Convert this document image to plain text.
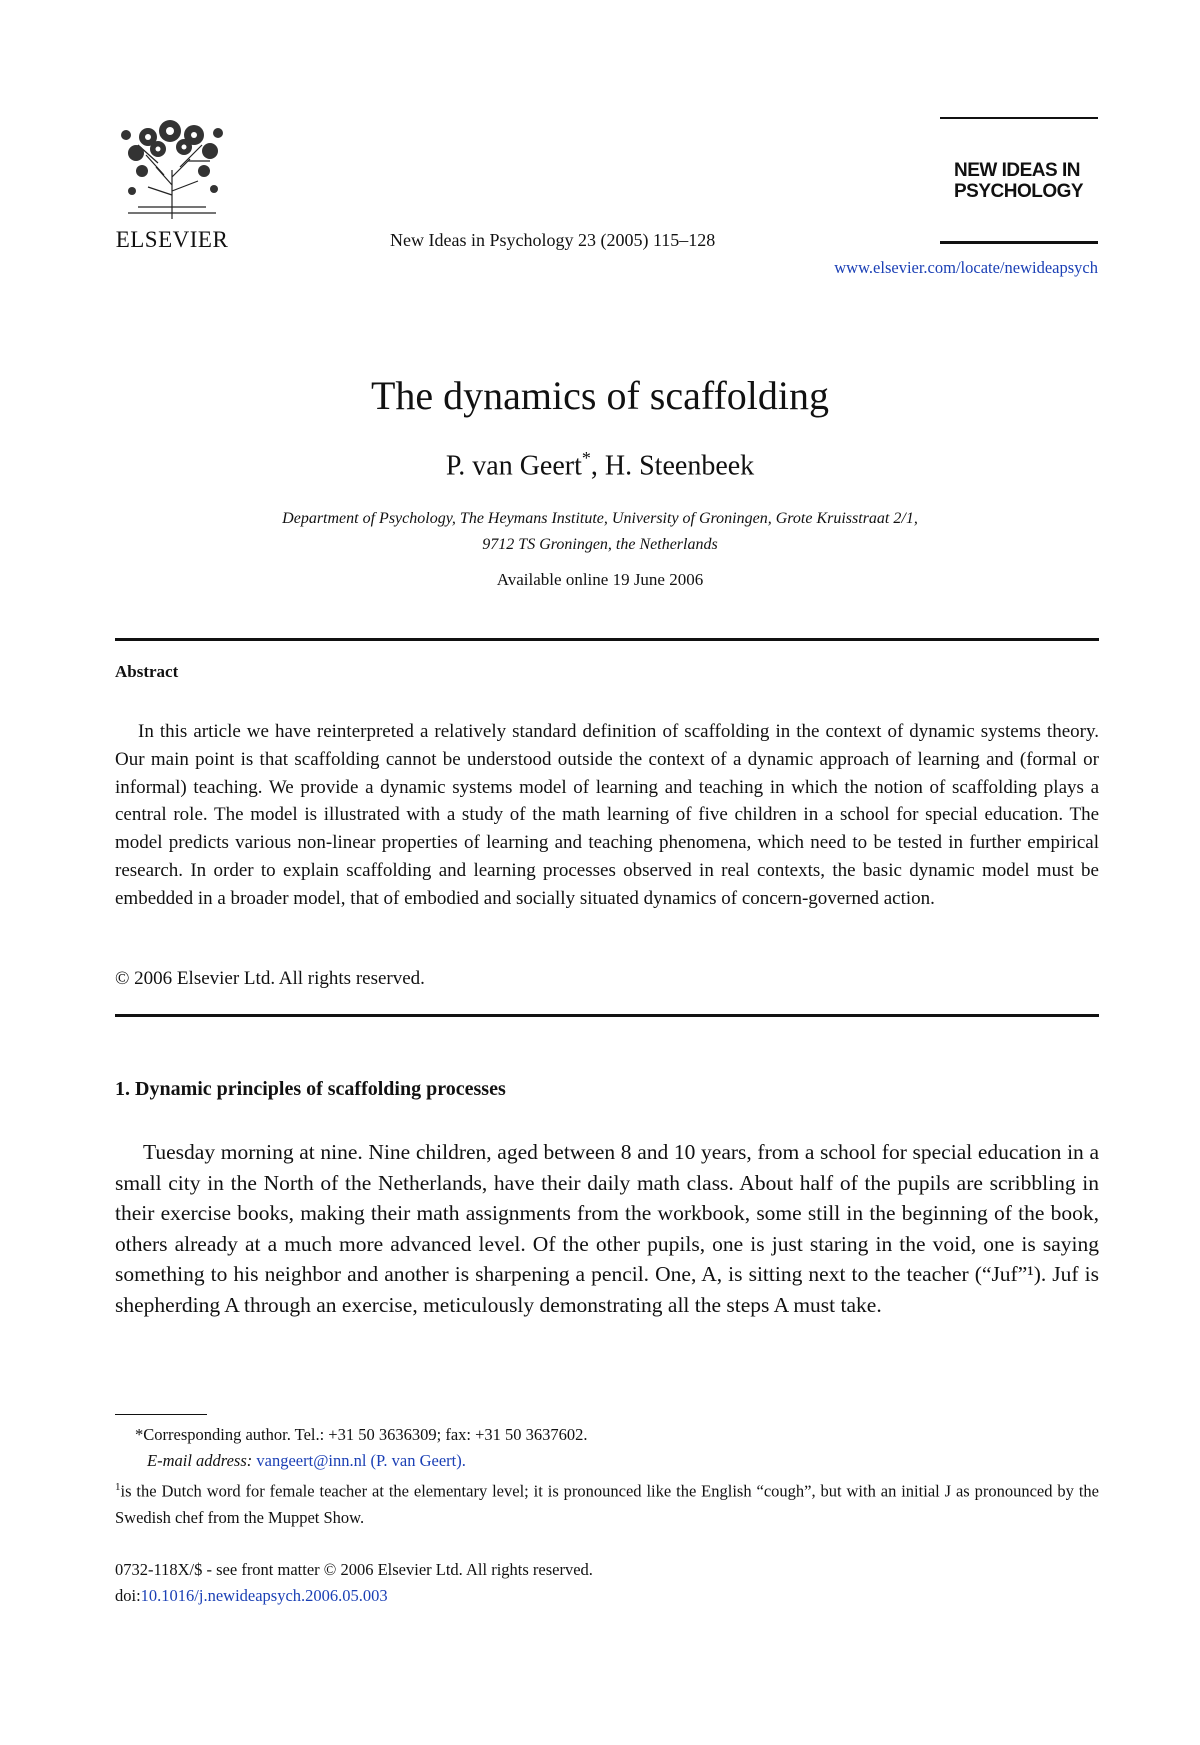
ELSEVIER	New Ideas in Psychology 23 (2005) 115–128
NEW IDEAS IN
PSYCHOLOGY
www.elsevier.com/locate/newideapsych
The dynamics of scaffolding
P. van Geert*, H. Steenbeek
Department of Psychology, The Heymans Institute, University of Groningen, Grote Kruisstraat 2/1,
9712 TS Groningen, the Netherlands
Available online 19 June 2006
Abstract
In this article we have reinterpreted a relatively standard definition of scaffolding in the context of dynamic systems theory. Our main point is that scaffolding cannot be understood outside the context of a dynamic approach of learning and (formal or informal) teaching. We provide a dynamic systems model of learning and teaching in which the notion of scaffolding plays a central role. The model is illustrated with a study of the math learning of five children in a school for special education. The model predicts various non-linear properties of learning and teaching phenomena, which need to be tested in further empirical research. In order to explain scaffolding and learning processes observed in real contexts, the basic dynamic model must be embedded in a broader model, that of embodied and socially situated dynamics of concern-governed action.
© 2006 Elsevier Ltd. All rights reserved.
1. Dynamic principles of scaffolding processes
Tuesday morning at nine. Nine children, aged between 8 and 10 years, from a school for special education in a small city in the North of the Netherlands, have their daily math class. About half of the pupils are scribbling in their exercise books, making their math assignments from the workbook, some still in the beginning of the book, others already at a much more advanced level. Of the other pupils, one is just staring in the void, one is saying something to his neighbor and another is sharpening a pencil. One, A, is sitting next to the teacher (“Juf”¹). Juf is shepherding A through an exercise, meticulously demonstrating all the steps A must take.
*Corresponding author. Tel.: +31 50 3636309; fax: +31 50 3637602.
E-mail address: vangeert@inn.nl (P. van Geert).
$^1$is the Dutch word for female teacher at the elementary level; it is pronounced like the English “cough”, but with an initial J as pronounced by the Swedish chef from the Muppet Show.
0732-118X/$ - see front matter © 2006 Elsevier Ltd. All rights reserved.
doi:10.1016/j.newideapsych.2006.05.003
